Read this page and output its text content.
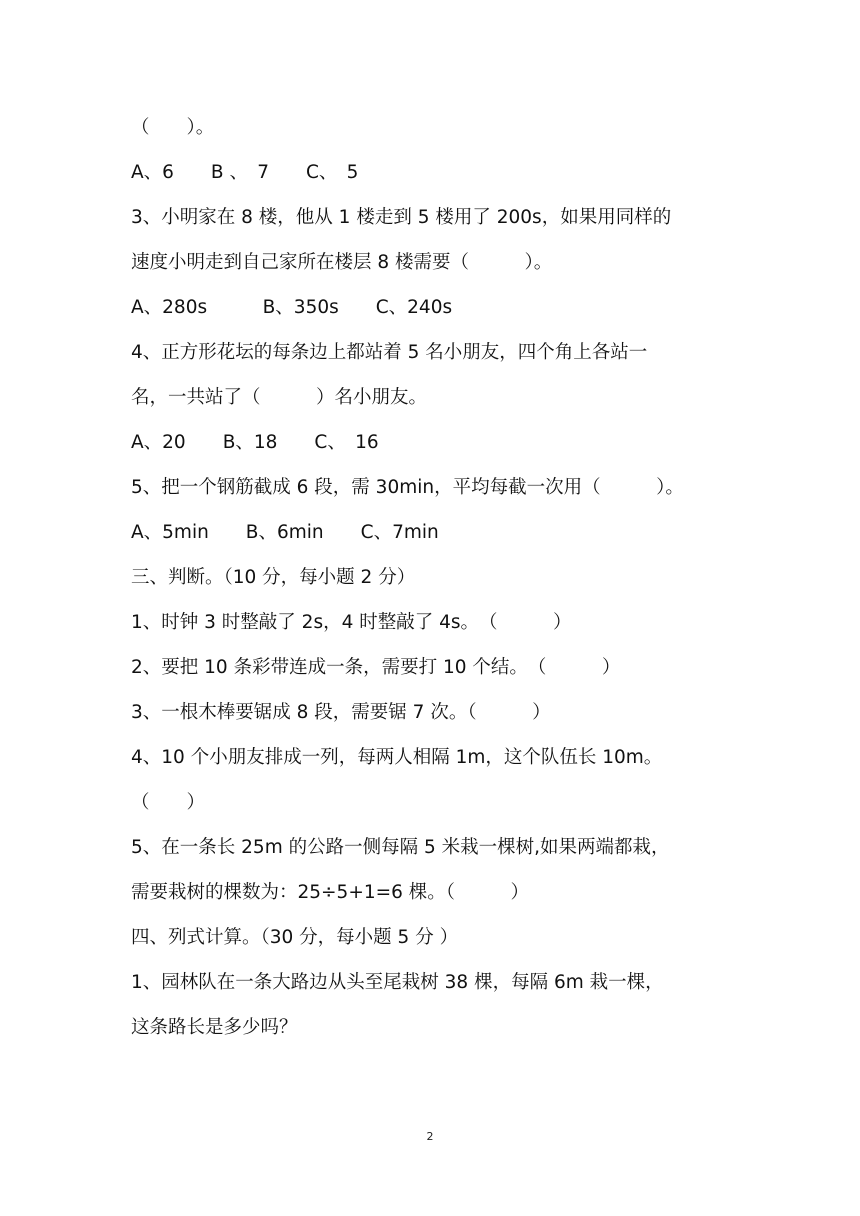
（　　）。
A、6　　B 、　7　　C、　5
3、小明家在 8 楼，他从 1 楼走到 5 楼用了 200s，如果用同样的
速度小明走到自己家所在楼层 8 楼需要（　　　）。
A、280s　　　B、350s　　C、240s
4、正方形花坛的每条边上都站着 5 名小朋友，四个角上各站一
名，一共站了（　　　）名小朋友。
A、20　　B、18　　C、　16
5、把一个钢筋截成 6 段，需 30min，平均每截一次用（　　　）。
A、5min　　B、6min　　C、7min
三、判断。（10 分，每小题 2 分）
1、时钟 3 时整敲了 2s，4 时整敲了 4s。　（　　　）
2、要把 10 条彩带连成一条，需要打 10 个结。　（　　　）
3、一根木棒要锯成 8 段，需要锯 7 次。（　　　）
4、10 个小朋友排成一列，每两人相隔 1m，这个队伍长 10m。
（　　）
5、在一条长 25m 的公路一侧每隔 5 米栽一棵树,如果两端都栽，
需要栽树的棵数为：25÷5+1=6 棵。（　　　）
四、列式计算。（30 分，每小题 5 分 ）
1、园林队在一条大路边从头至尾栽树 38 棵，每隔 6m 栽一棵，
这条路长是多少吗？
2
